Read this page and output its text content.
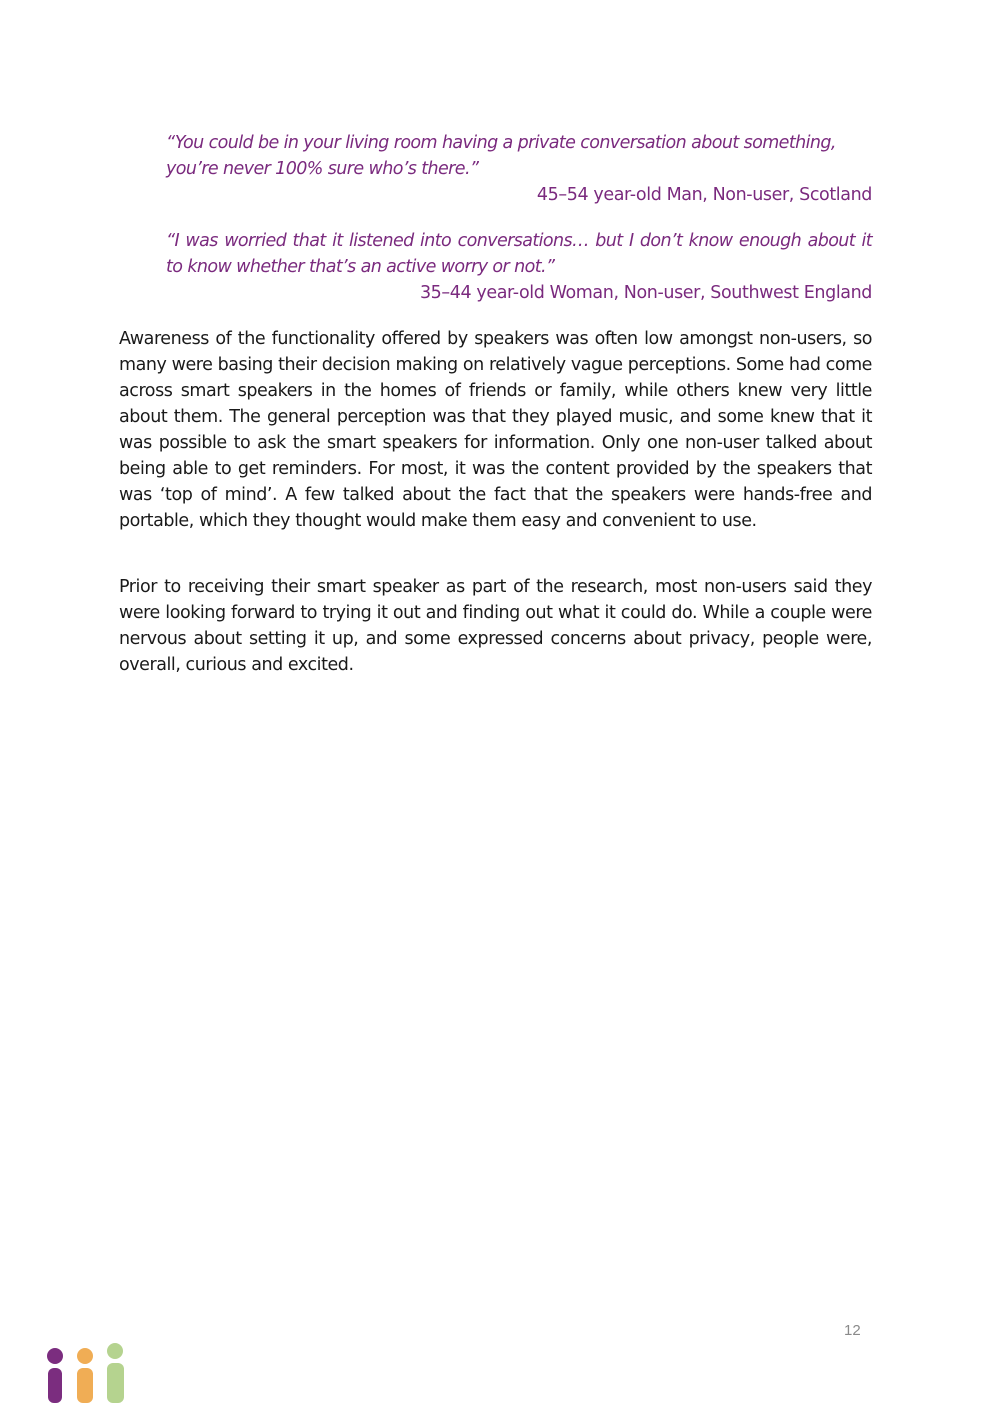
“You could be in your living room having a private conversation about something, you’re never 100% sure who’s there.”

45–54 year-old Man, Non-user, Scotland

“I was worried that it listened into conversations… but I don’t know enough about it to know whether that’s an active worry or not.”

35–44 year-old Woman, Non-user, Southwest England

Awareness of the functionality offered by speakers was often low amongst non-users, so many were basing their decision making on relatively vague perceptions. Some had come across smart speakers in the homes of friends or family, while others knew very little about them. The general perception was that they played music, and some knew that it was possible to ask the smart speakers for information. Only one non-user talked about being able to get reminders. For most, it was the content provided by the speakers that was ‘top of mind’. A few talked about the fact that the speakers were hands-free and portable, which they thought would make them easy and convenient to use.

Prior to receiving their smart speaker as part of the research, most non-users said they were looking forward to trying it out and finding out what it could do. While a couple were nervous about setting it up, and some expressed concerns about privacy, people were, overall, curious and excited.

12
